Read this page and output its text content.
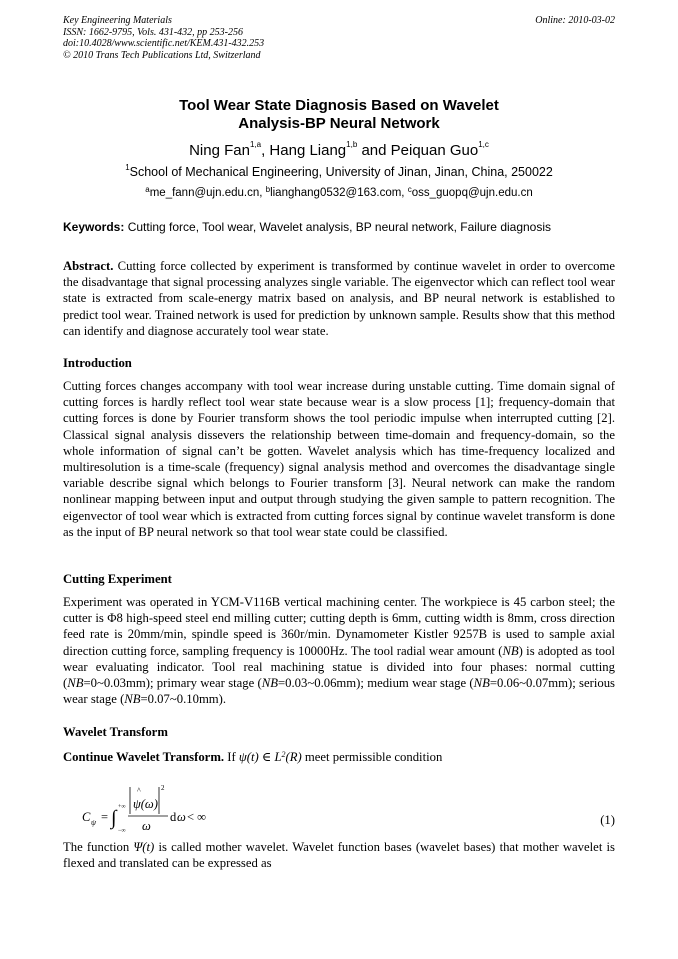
Key Engineering Materials
ISSN: 1662-9795, Vols. 431-432, pp 253-256
doi:10.4028/www.scientific.net/KEM.431-432.253
© 2010 Trans Tech Publications Ltd, Switzerland
Online: 2010-03-02
Tool Wear State Diagnosis Based on Wavelet
Analysis-BP Neural Network
Ning Fan$^{1,a}$, Hang Liang$^{1,b}$ and Peiquan Guo$^{1,c}$
$^1$School of Mechanical Engineering, University of Jinan, Jinan, China, 250022
$^a$me_fann@ujn.edu.cn, $^b$lianghang0532@163.com, $^c$oss_guopq@ujn.edu.cn
Keywords: Cutting force, Tool wear, Wavelet analysis, BP neural network, Failure diagnosis
Abstract. Cutting force collected by experiment is transformed by continue wavelet in order to overcome the disadvantage that signal processing analyzes single variable. The eigenvector which can reflect tool wear state is extracted from scale-energy matrix based on analysis, and BP neural network is established to predict tool wear. Trained network is used for prediction by unknown sample. Results show that this method can identify and diagnose accurately tool wear state.
Introduction
Cutting forces changes accompany with tool wear increase during unstable cutting. Time domain signal of cutting forces is hardly reflect tool wear state because wear is a slow process [1]; frequency-domain that cutting forces is done by Fourier transform shows the tool periodic impulse when interrupted cutting [2]. Classical signal analysis dissevers the relationship between time-domain and frequency-domain, so the whole information of signal can’t be gotten. Wavelet analysis which has time-frequency localized and multiresolution is a time-scale (frequency) signal analysis method and overcomes the disadvantage single variable describe signal which belongs to Fourier transform [3]. Neural network can make the random nonlinear mapping between input and output through studying the given sample to pattern recognition. The eigenvector of tool wear which is extracted from cutting forces signal by continue wavelet transform is done as the input of BP neural network so that tool wear state could be classified.
Cutting Experiment
Experiment was operated in YCM-V116B vertical machining center. The workpiece is 45 carbon steel; the cutter is Φ8 high-speed steel end milling cutter; cutting depth is 6mm, cutting width is 8mm, cross direction feed rate is 20mm/min, spindle speed is 360r/min. Dynamometer Kistler 9257B is used to sample axial direction cutting force, sampling frequency is 10000Hz. The tool radial wear amount (NB) is adopted as tool wear evaluating indicator. Tool real machining statue is divided into four phases: normal cutting (NB=0~0.03mm); primary wear stage (NB=0.03~0.06mm); medium wear stage (NB=0.06~0.07mm); serious wear stage (NB=0.07~0.10mm).
Wavelet Transform
Continue Wavelet Transform. If ψ(t) ∈ $L^2(R)$ meet permissible condition
C ψ = ∫ +∞
−∞
^
ψ(ω)
2
ω
d ω < ∞	(1)
The function Ψ(t) is called mother wavelet. Wavelet function bases (wavelet bases) that mother wavelet is flexed and translated can be expressed as
